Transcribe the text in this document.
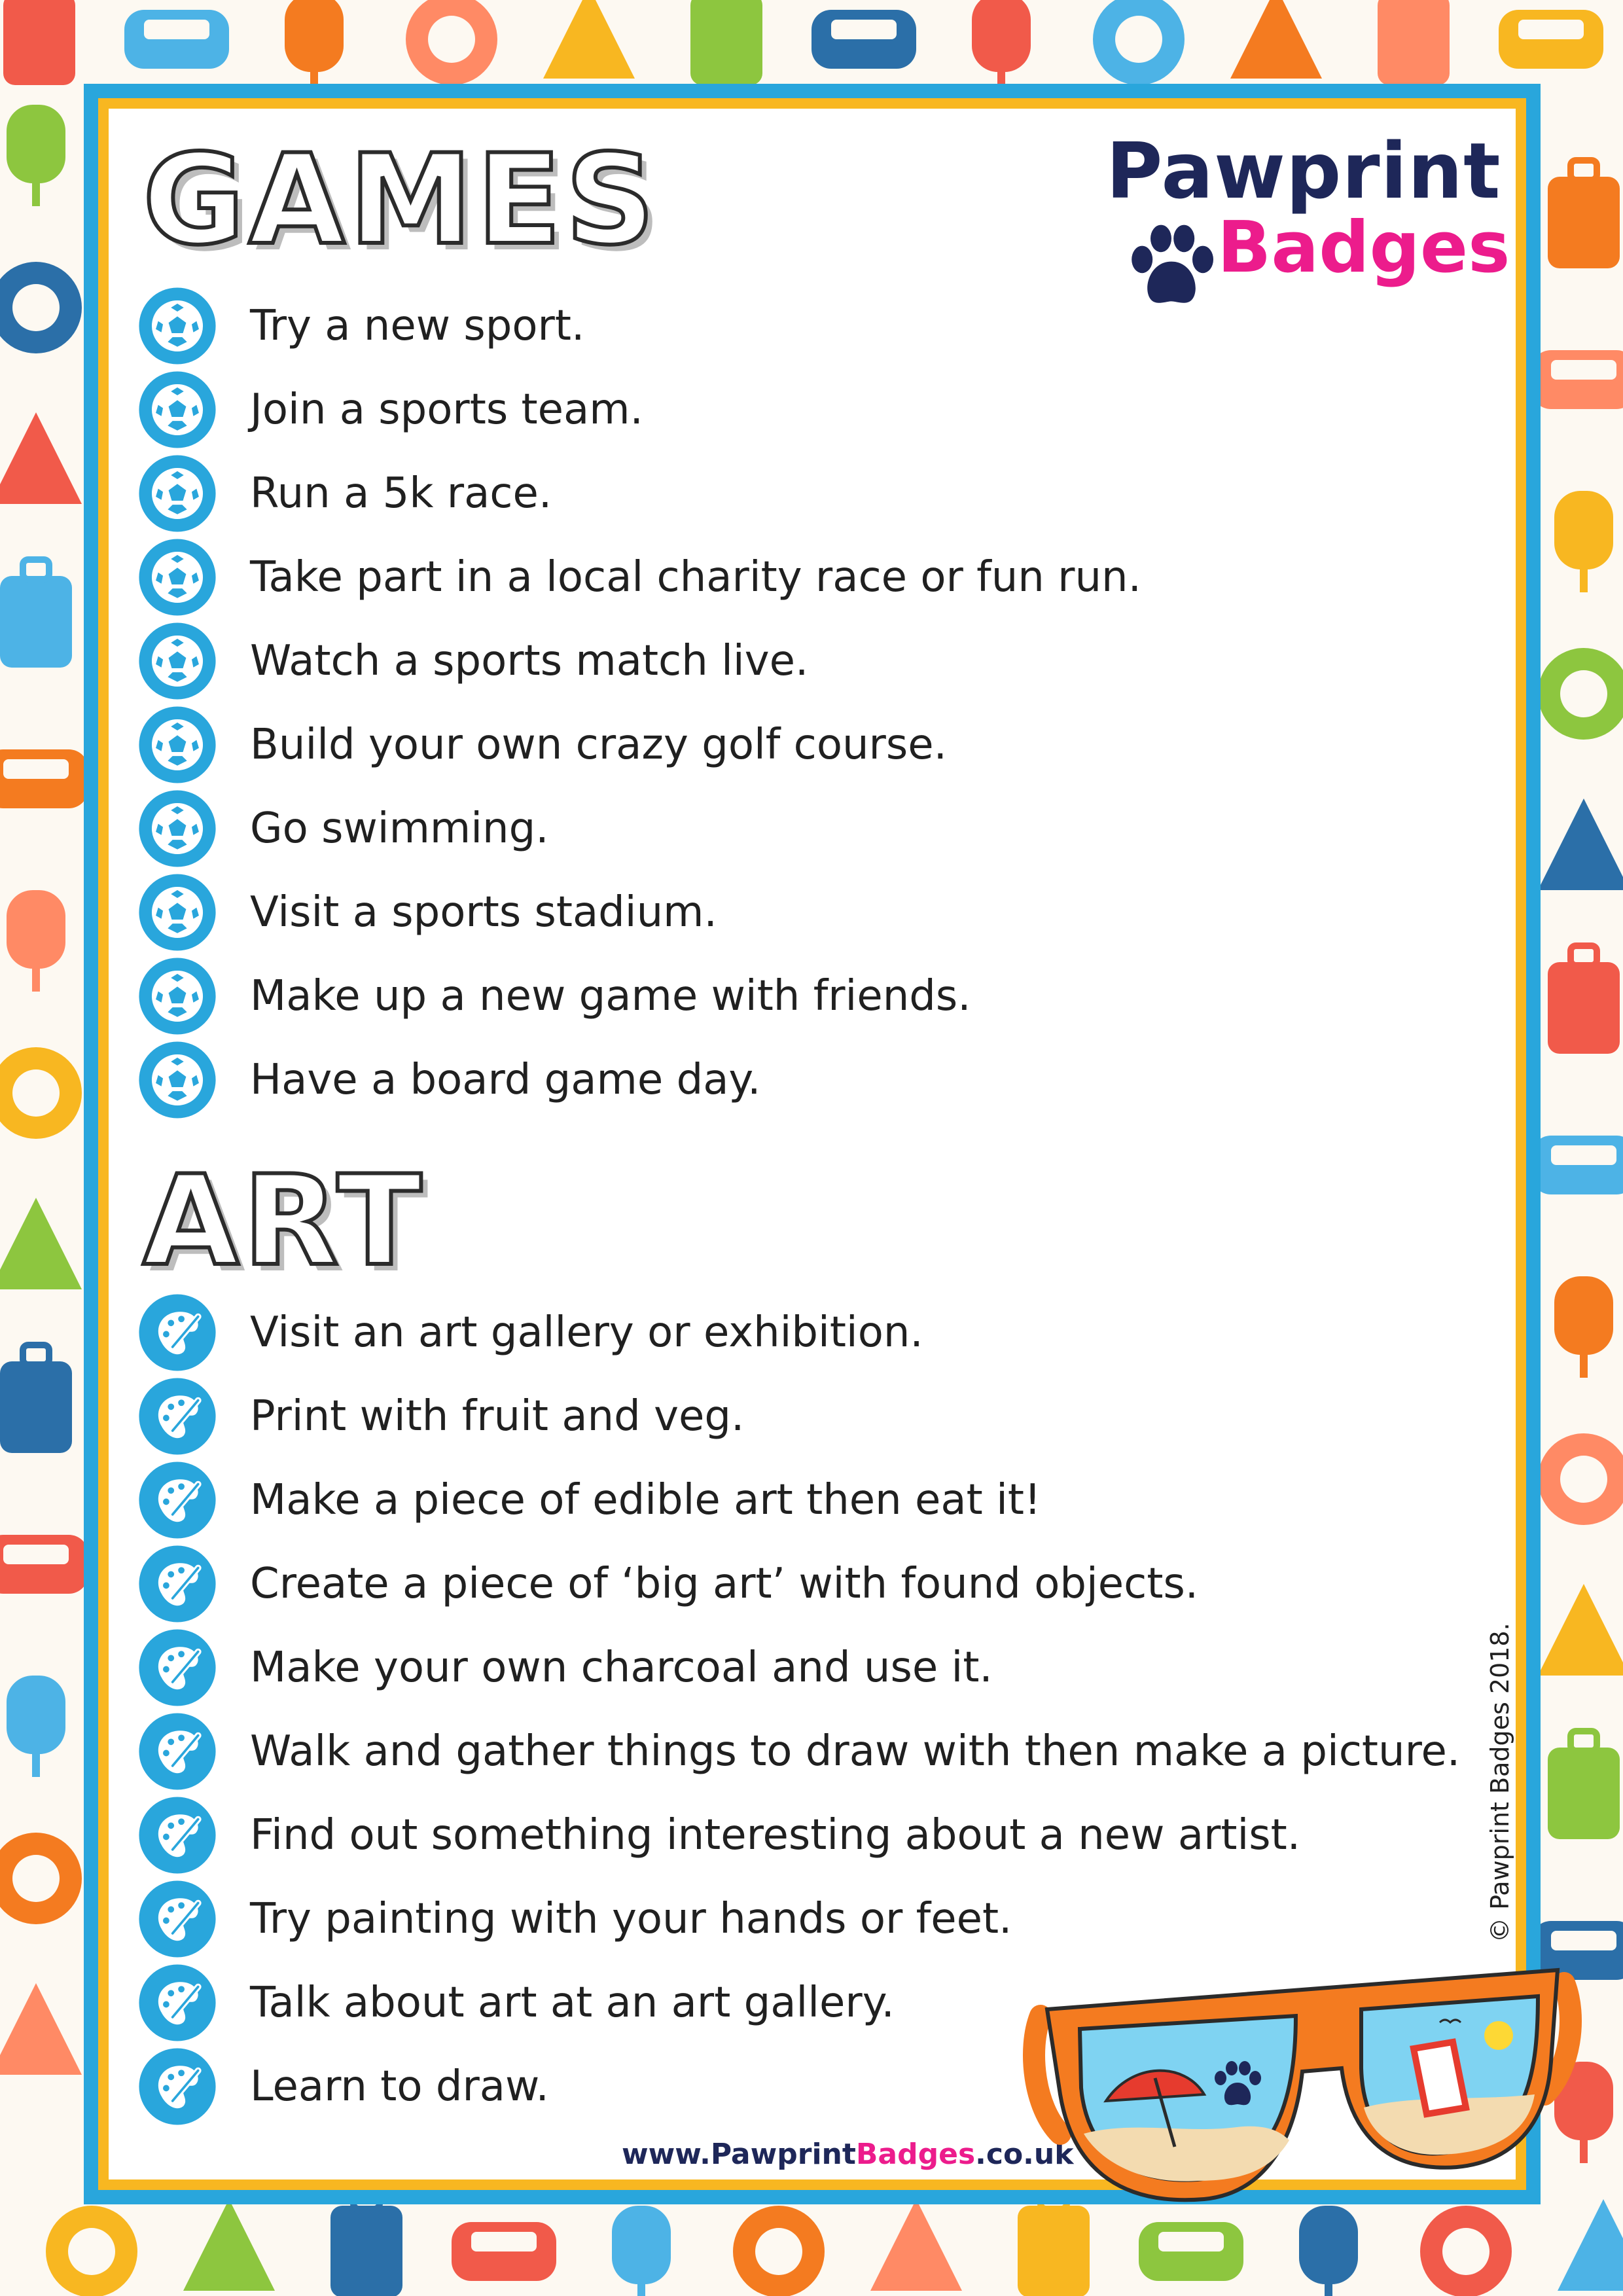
GAMES	Pawprint
Badges
Try a new sport.
Join a sports team.
Run a 5k race.
Take part in a local charity race or fun run.
Watch a sports match live.
Build your own crazy golf course.
Go swimming.
Visit a sports stadium.
Make up a new game with friends.
Have a board game day.
ART
Visit an art gallery or exhibition.
Print with fruit and veg.
Make a piece of edible art then eat it!
Create a piece of ‘big art’ with found objects.
Make your own charcoal and use it.
Walk and gather things to draw with then make a picture.
Find out something interesting about a new artist.
Try painting with your hands or feet.
Talk about art at an art gallery.
Learn to draw.
© Pawprint Badges 2018.
www.PawprintBadges.co.uk
